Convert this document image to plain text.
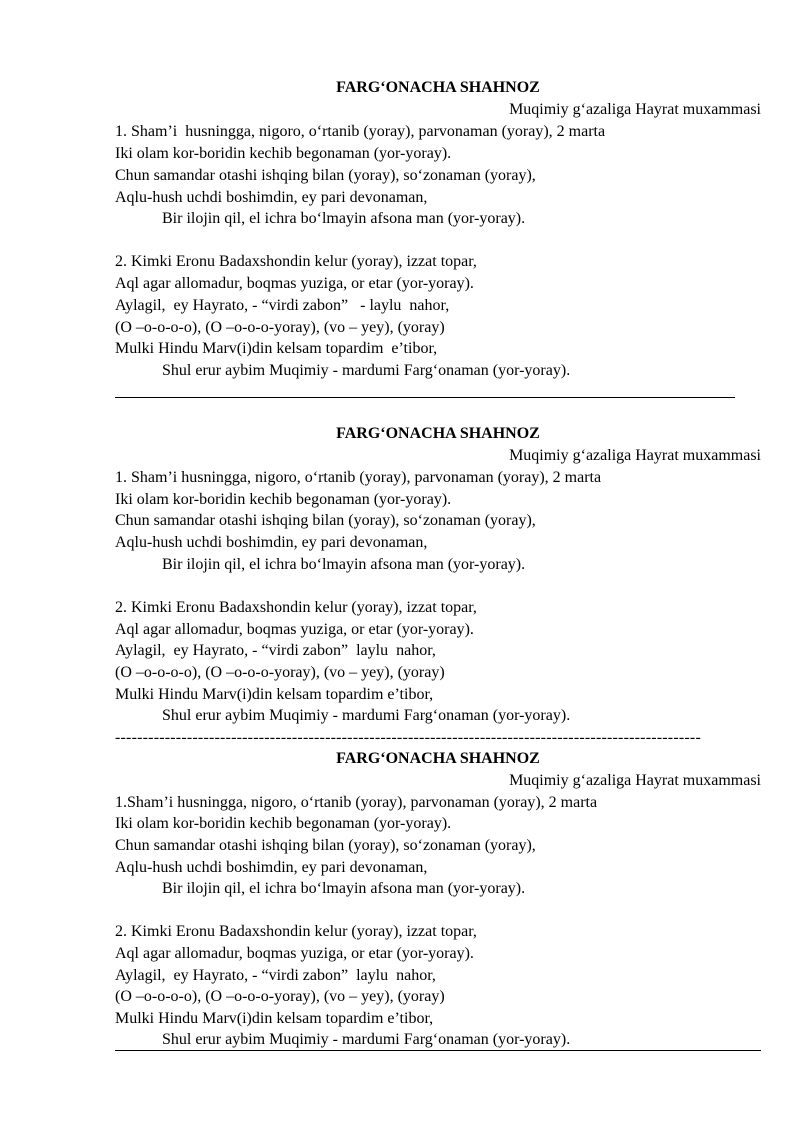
FARG‘ONACHA SHAHNOZ
Muqimiy g‘azaliga Hayrat muxammasi
1. Sham’i  husningga, nigoro, o‘rtanib (yoray), parvonaman (yoray), 2 marta
Iki olam kor-boridin kechib begonaman (yor-yoray).
Chun samandar otashi ishqing bilan (yoray), so‘zonaman (yoray),
Aqlu-hush uchdi boshimdin, ey pari devonaman,
Bir ilojin qil, el ichra bo‘lmayin afsona man (yor-yoray).
2. Kimki Eronu Badaxshondin kelur (yoray), izzat topar,
Aql agar allomadur, boqmas yuziga, or etar (yor-yoray).
Aylagil,  ey Hayrato, - “virdi zabon”   - laylu  nahor,
(O –o-o-o-o), (O –o-o-o-yoray), (vo – yey), (yoray)
Mulki Hindu Marv(i)din kelsam topardim  e’tibor,
Shul erur aybim Muqimiy - mardumi Farg‘onaman (yor-yoray).
FARG‘ONACHA SHAHNOZ
Muqimiy g‘azaliga Hayrat muxammasi
1. Sham’i husningga, nigoro, o‘rtanib (yoray), parvonaman (yoray), 2 marta
Iki olam kor-boridin kechib begonaman (yor-yoray).
Chun samandar otashi ishqing bilan (yoray), so‘zonaman (yoray),
Aqlu-hush uchdi boshimdin, ey pari devonaman,
Bir ilojin qil, el ichra bo‘lmayin afsona man (yor-yoray).
2. Kimki Eronu Badaxshondin kelur (yoray), izzat topar,
Aql agar allomadur, boqmas yuziga, or etar (yor-yoray).
Aylagil,  ey Hayrato, - “virdi zabon”  laylu  nahor,
(O –o-o-o-o), (O –o-o-o-yoray), (vo – yey), (yoray)
Mulki Hindu Marv(i)din kelsam topardim e’tibor,
Shul erur aybim Muqimiy - mardumi Farg‘onaman (yor-yoray).
----------------------------------------------------------------------------------------------------------
FARG‘ONACHA SHAHNOZ
Muqimiy g‘azaliga Hayrat muxammasi
1.Sham’i husningga, nigoro, o‘rtanib (yoray), parvonaman (yoray), 2 marta
Iki olam kor-boridin kechib begonaman (yor-yoray).
Chun samandar otashi ishqing bilan (yoray), so‘zonaman (yoray),
Aqlu-hush uchdi boshimdin, ey pari devonaman,
Bir ilojin qil, el ichra bo‘lmayin afsona man (yor-yoray).
2. Kimki Eronu Badaxshondin kelur (yoray), izzat topar,
Aql agar allomadur, boqmas yuziga, or etar (yor-yoray).
Aylagil,  ey Hayrato, - “virdi zabon”  laylu  nahor,
(O –o-o-o-o), (O –o-o-o-yoray), (vo – yey), (yoray)
Mulki Hindu Marv(i)din kelsam topardim e’tibor,
Shul erur aybim Muqimiy - mardumi Farg‘onaman (yor-yoray).
